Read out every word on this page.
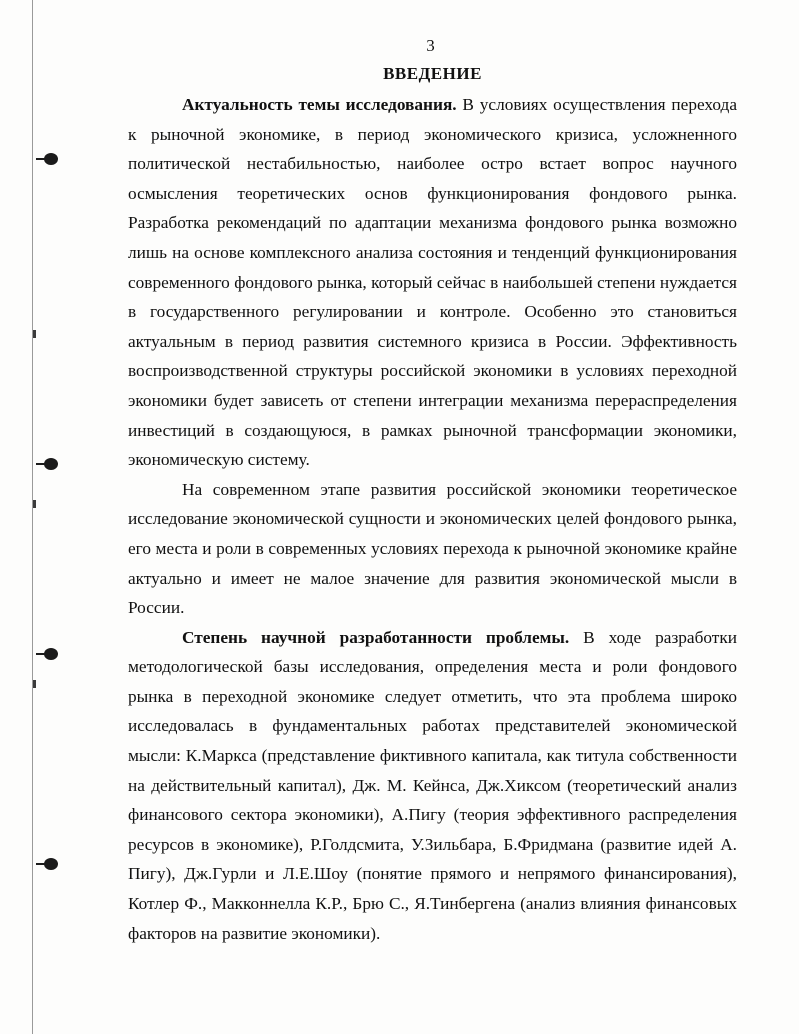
3
ВВЕДЕНИЕ

Актуальность темы исследования. В условиях осуществления перехода к рыночной экономике, в период экономического кризиса, усложненного политической нестабильностью, наиболее остро встает вопрос научного осмысления теоретических основ функционирования фондового рынка. Разработка рекомендаций по адаптации механизма фондового рынка возможно лишь на основе комплексного анализа состояния и тенденций функционирования современного фондового рынка, который сейчас в наибольшей степени нуждается в государственного регулировании и контроле. Особенно это становиться актуальным в период развития системного кризиса в России. Эффективность воспроизводственной структуры российской экономики в условиях переходной экономики будет зависеть от степени интеграции механизма перераспределения инвестиций в создающуюся, в рамках рыночной трансформации экономики, экономическую систему.

На современном этапе развития российской экономики теоретическое исследование экономической сущности и экономических целей фондового рынка, его места и роли в современных условиях перехода к рыночной экономике крайне актуально и имеет не малое значение для развития экономической мысли в России.

Степень научной разработанности проблемы. В ходе разработки методологической базы исследования, определения места и роли фондового рынка в переходной экономике следует отметить, что эта проблема широко исследовалась в фундаментальных работах представителей экономической мысли: К.Маркса (представление фиктивного капитала, как титула собственности на действительный капитал), Дж. М. Кейнса, Дж.Хиксом (теоретический анализ финансового сектора экономики), А.Пигу (теория эффективного распределения ресурсов в экономике), Р.Голдсмита, У.Зильбара, Б.Фридмана (развитие идей А. Пигу), Дж.Гурли и Л.Е.Шоу (понятие прямого и непрямого финансирования), Котлер Ф., Макконнелла К.Р., Брю С., Я.Тинбергена (анализ влияния финансовых факторов на развитие экономики).
